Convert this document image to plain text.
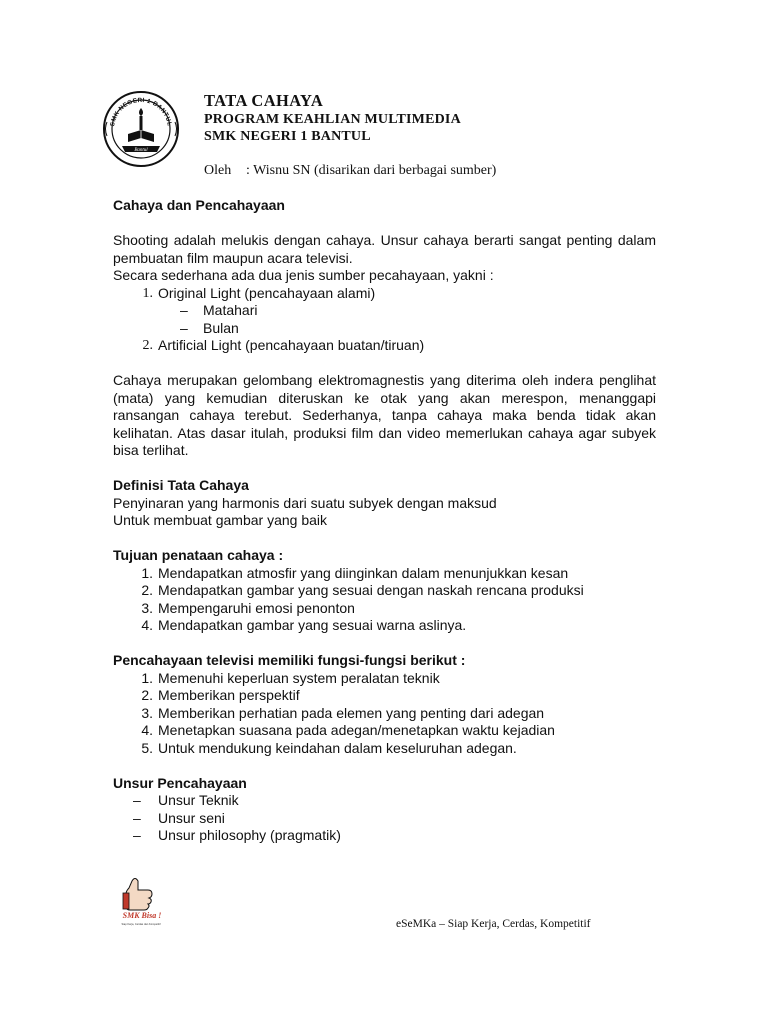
SMK NEGERI 1 BANTUL
Bantul
TATA CAHAYA
PROGRAM KEAHLIAN MULTIMEDIA
SMK NEGERI 1 BANTUL
Oleh : Wisnu SN (disarikan dari berbagai sumber)
Cahaya dan Pencahayaan

Shooting adalah melukis dengan cahaya. Unsur cahaya berarti sangat penting dalam pembuatan film maupun acara televisi.

Secara sederhana ada dua jenis sumber pecahayaan, yakni :

1. Original Light (pencahayaan alami)
– Matahari
– Bulan
2. Artificial Light (pencahayaan buatan/tiruan)

Cahaya merupakan gelombang elektromagnestis yang diterima oleh indera penglihat (mata) yang kemudian diteruskan ke otak yang akan merespon, menanggapi ransangan cahaya terebut. Sederhanya, tanpa cahaya maka benda tidak akan kelihatan. Atas dasar itulah, produksi film dan video memerlukan cahaya agar subyek bisa terlihat.

Definisi Tata Cahaya

Penyinaran yang harmonis dari suatu subyek dengan maksud

Untuk membuat gambar yang baik

Tujuan penataan cahaya :
1. Mendapatkan atmosfir yang diinginkan dalam menunjukkan kesan
2. Mendapatkan gambar yang sesuai dengan naskah rencana produksi
3. Mempengaruhi emosi penonton
4. Mendapatkan gambar yang sesuai warna aslinya.
Pencahayaan televisi memiliki fungsi-fungsi berikut :
1. Memenuhi keperluan system peralatan teknik
2. Memberikan perspektif
3. Memberikan perhatian pada elemen yang penting dari adegan
4. Menetapkan suasana pada adegan/menetapkan waktu kejadian
5. Untuk mendukung keindahan dalam keseluruhan adegan.
Unsur Pencahayaan
– Unsur Teknik
– Unsur seni
– Unsur philosophy (pragmatik)
SMK Bisa !
Siap Kerja, Cerdas dan Kompetitif	eSeMKa – Siap Kerja, Cerdas, Kompetitif
